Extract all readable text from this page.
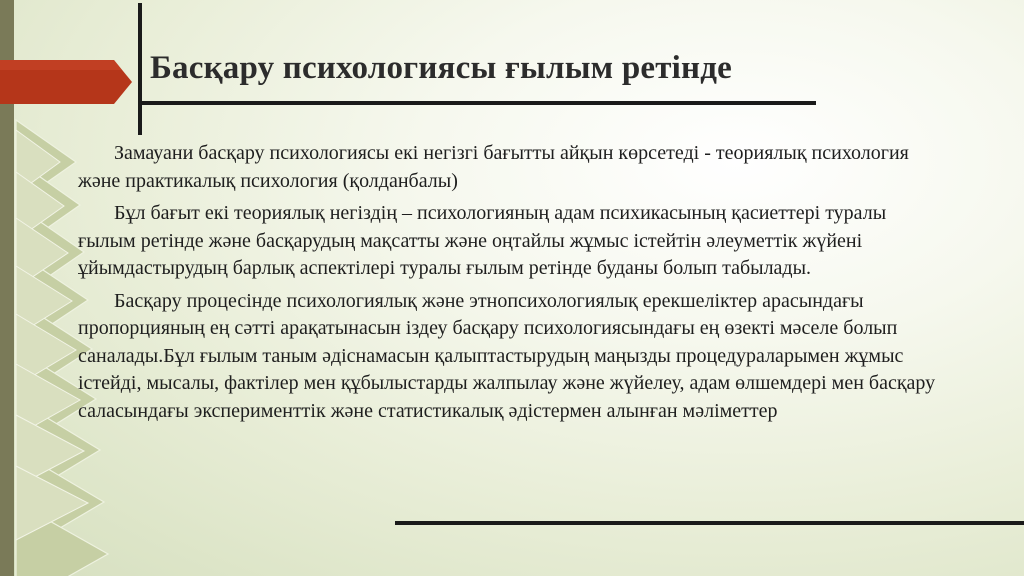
Басқару психологиясы ғылым ретінде

Замауани басқару психологиясы екі негізгі бағытты айқын көрсетеді - теориялық психология және практикалық психология (қолданбалы)

Бұл бағыт екі теориялық негіздің – психологияның адам психикасының қасиеттері туралы ғылым ретінде және басқарудың мақсатты және оңтайлы жұмыс істейтін әлеуметтік жүйені ұйымдастырудың барлық аспектілері туралы ғылым ретінде буданы болып табылады.

Басқару процесінде психологиялық және этнопсихологиялық ерекшеліктер арасындағы пропорцияның ең сәтті арақатынасын іздеу басқару психологиясындағы ең өзекті мәселе болып саналады.Бұл ғылым таным әдіснамасын қалыптастырудың маңызды процедураларымен жұмыс істейді, мысалы, фактілер мен құбылыстарды жалпылау және жүйелеу, адам өлшемдері мен басқару саласындағы эксперименттік және статистикалық әдістермен алынған мәліметтер
